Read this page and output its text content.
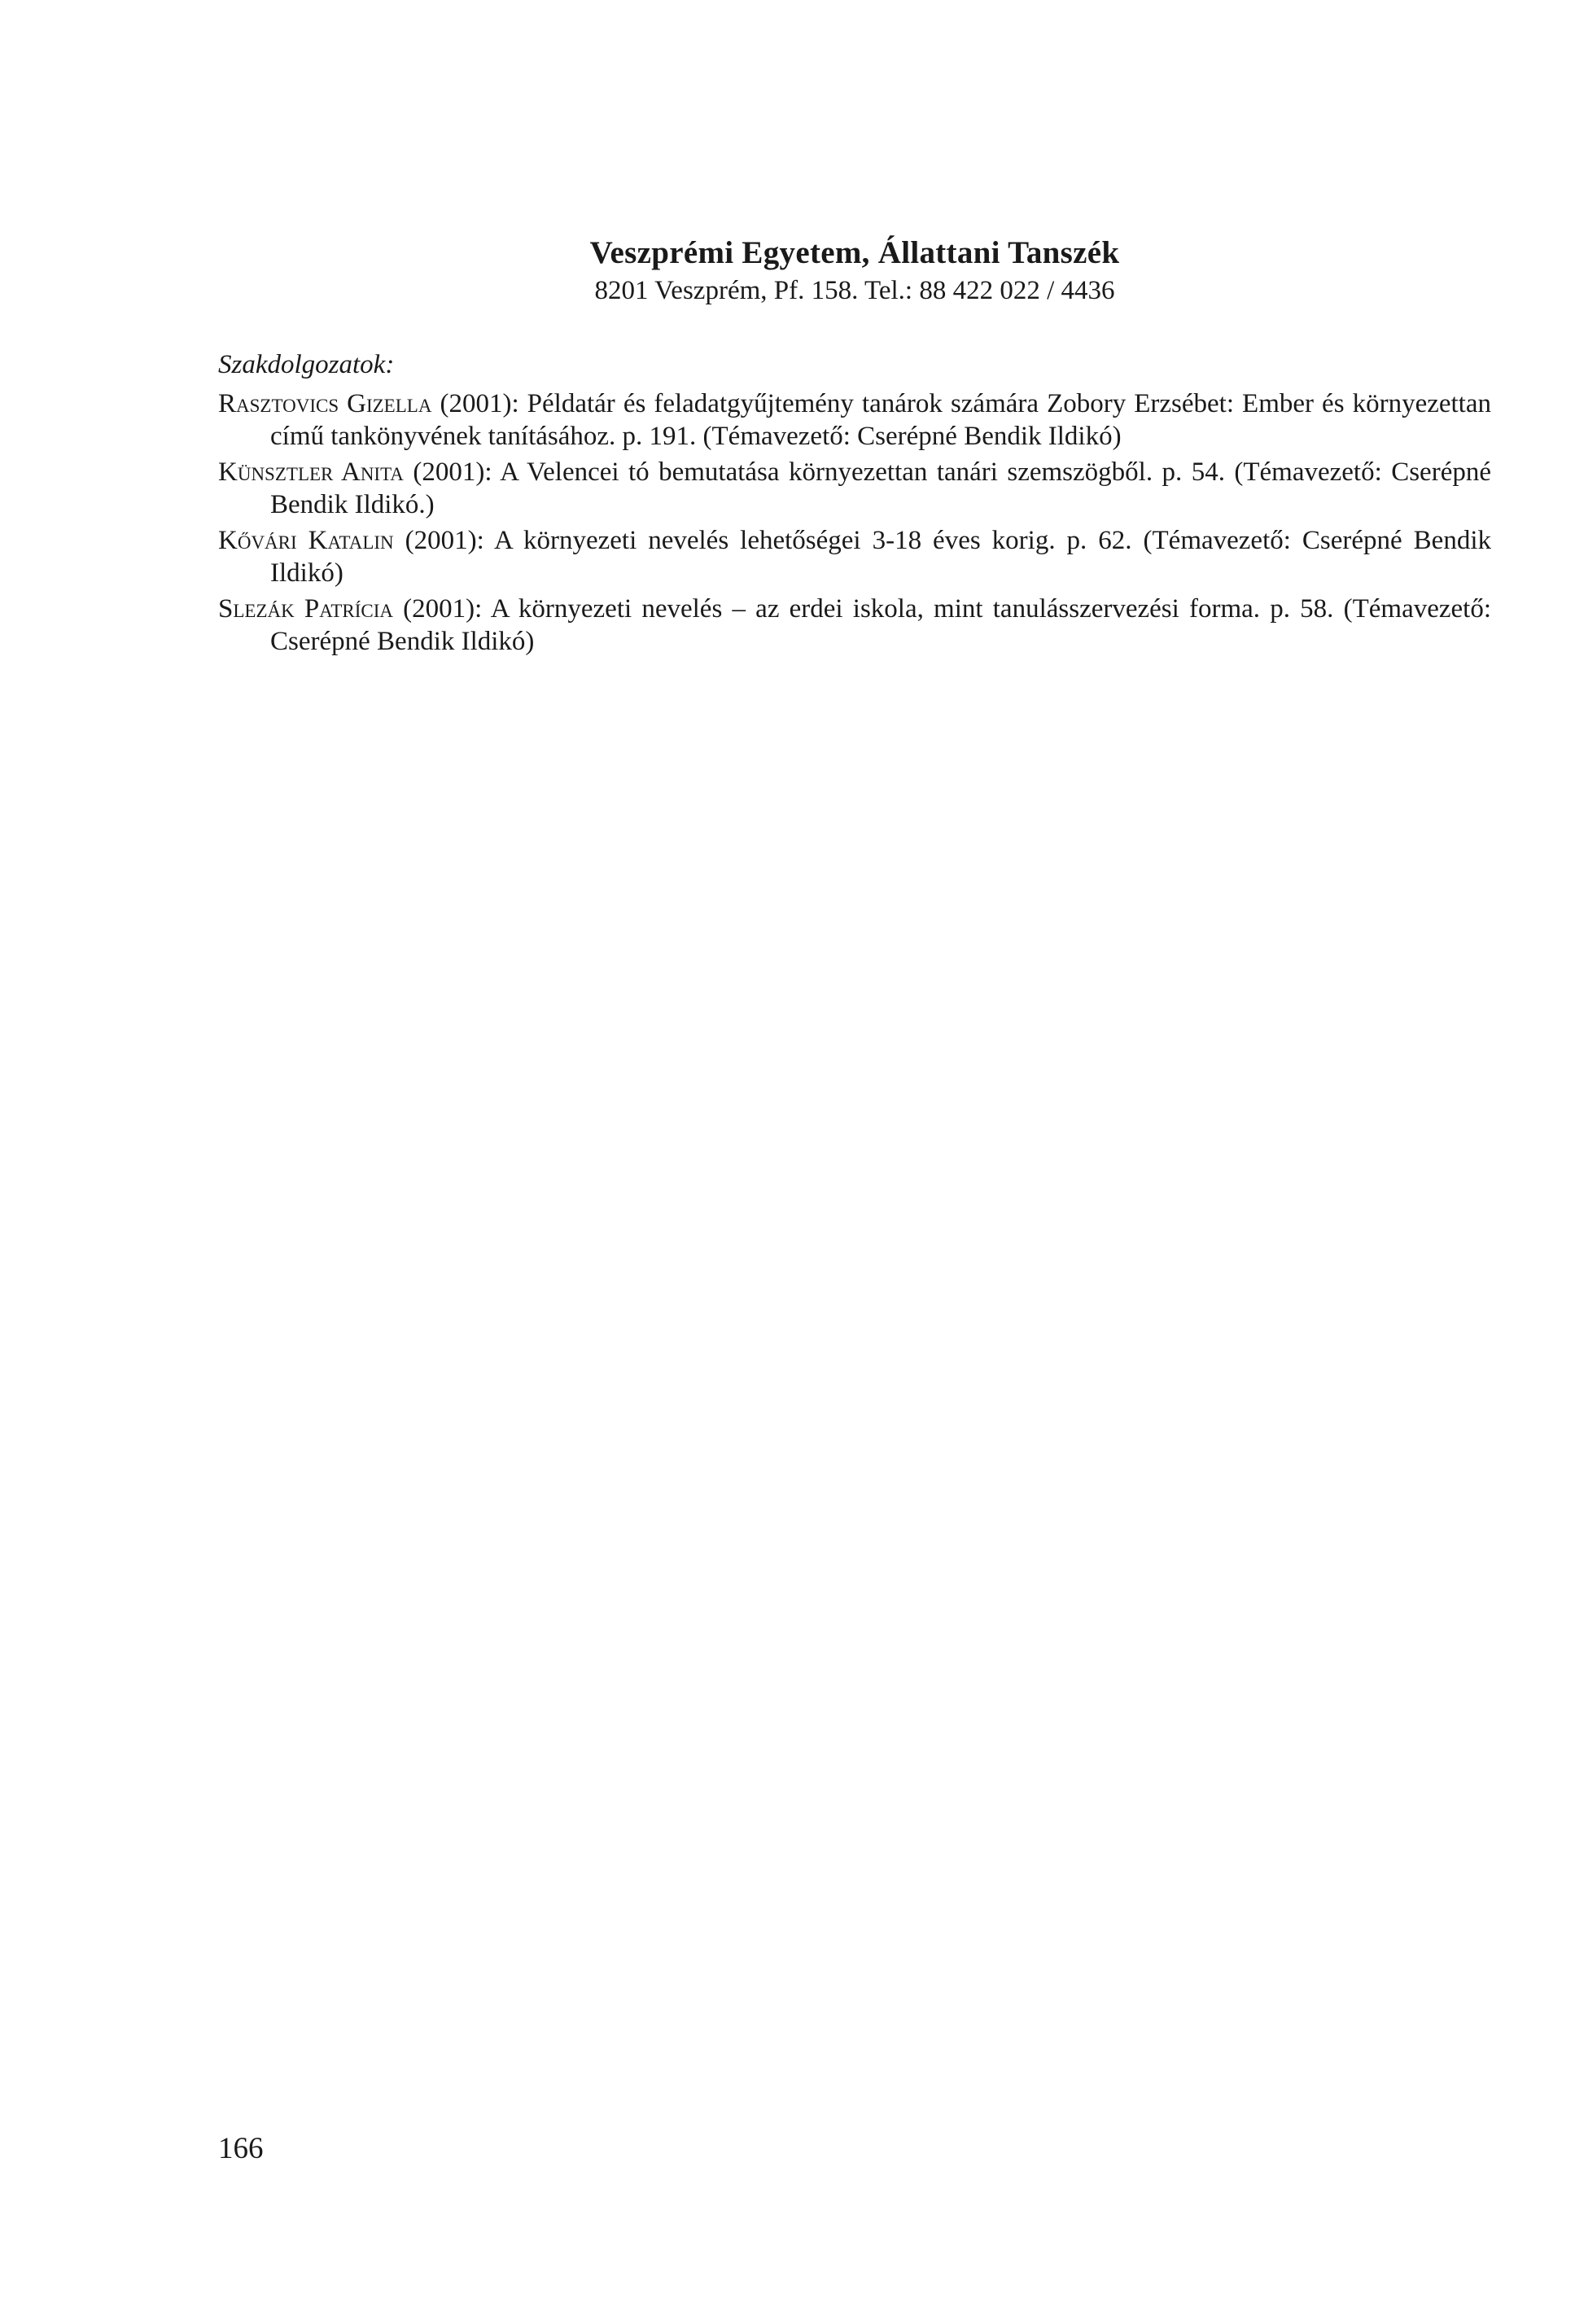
Veszprémi Egyetem, Állattani Tanszék
8201 Veszprém, Pf. 158. Tel.: 88 422 022 / 4436
Szakdolgozatok:
Rasztovics Gizella (2001): Példatár és feladatgyűjtemény tanárok számára Zobory Erzsébet: Ember és környezettan című tankönyvének tanításához. p. 191. (Témavezető: Cserépné Bendik Ildikó)
Künsztler Anita (2001): A Velencei tó bemutatása környezettan tanári szemszögből. p. 54. (Témavezető: Cserépné Bendik Ildikó.)
Kővári Katalin (2001): A környezeti nevelés lehetőségei 3-18 éves korig. p. 62. (Témavezető: Cserépné Bendik Ildikó)
Slezák Patrícia (2001): A környezeti nevelés – az erdei iskola, mint tanulásszervezési forma. p. 58. (Témavezető: Cserépné Bendik Ildikó)
166
